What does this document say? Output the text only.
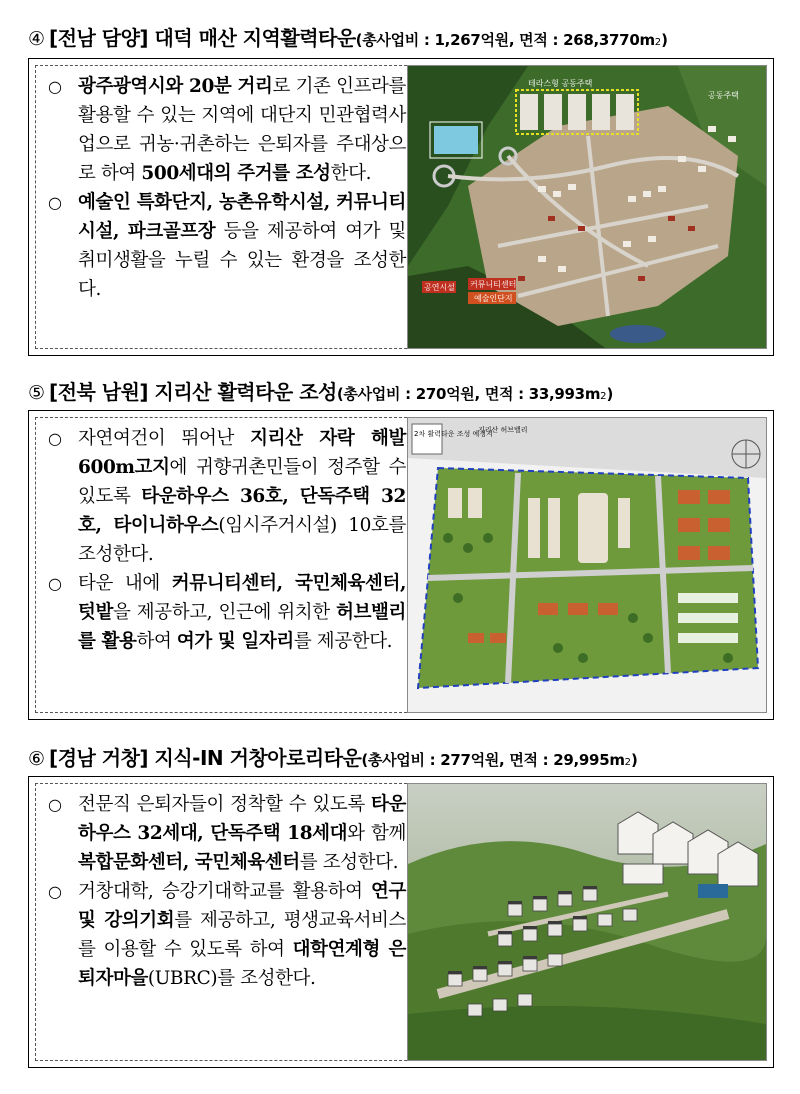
④ [전남 담양] 대덕 매산 지역활력타운 (총사업비 : 1,267억원, 면적 : 268,3770m 2 )
○ 광주광역시와 20분 거리로 기존 인프라를 활용할 수 있는 지역에 대단지 민관협력사업으로 귀농·귀촌하는 은퇴자를 주대상으로 하여 500세대의 주거를 조성한다.
○ 예술인 특화단지, 농촌유학시설, 커뮤니티 시설, 파크골프장 등을 제공하여 여가 및 취미생활을 누릴 수 있는 환경을 조성한다.
테라스형 공동주택
공동주택
공연시설 커뮤니티센터
예술인단지
⑤ [전북 남원] 지리산 활력타운 조성 (총사업비 : 270억원, 면적 : 33,993m 2 )
○ 자연여건이 뛰어난 지리산 자락 해발600m고지에 귀향귀촌민들이 정주할 수 있도록 타운하우스 36호, 단독주택 32호, 타이니하우스(임시주거시설) 10호를 조성한다.
○ 타운 내에 커뮤니티센터, 국민체육센터, 텃밭을 제공하고, 인근에 위치한 허브밸리를 활용하여 여가 및 일자리를 제공한다.
2차 활력타운 조성 예정지
지리산 허브밸리
⑥ [경남 거창] 지식-IN 거창아로리타운 (총사업비 : 277억원, 면적 : 29,995m 2 )
○ 전문직 은퇴자들이 정착할 수 있도록 타운하우스 32세대, 단독주택 18세대와 함께 복합문화센터, 국민체육센터를 조성한다.
○ 거창대학, 승강기대학교를 활용하여 연구 및 강의기회를 제공하고, 평생교육서비스를 이용할 수 있도록 하여 대학연계형 은퇴자마을(UBRC)를 조성한다.
